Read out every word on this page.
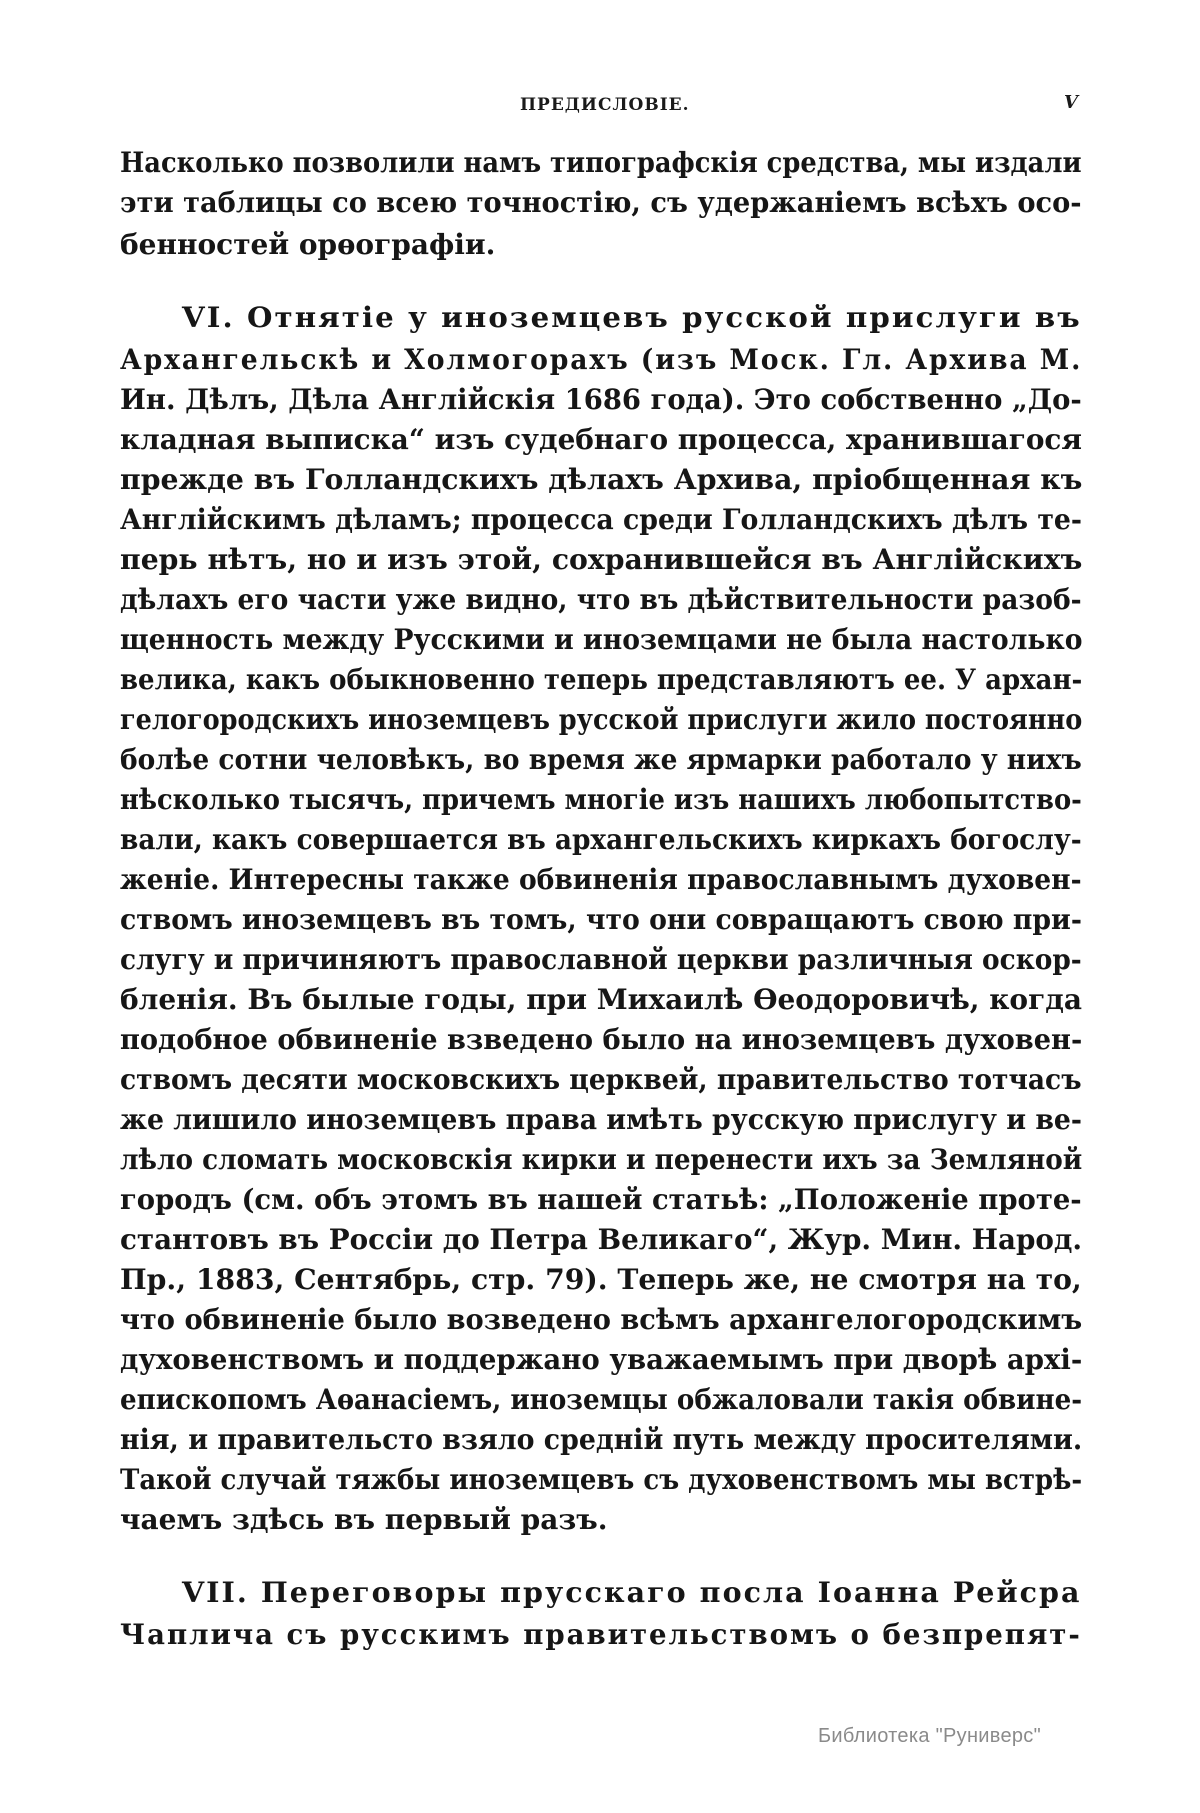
ПРЕДИСЛОВІЕ.	V
Насколько позволили намъ типографскія средства, мы издали
эти таблицы со всею точностію, съ удержаніемъ всѣхъ осо-
бенностей орѳографіи.
VI. Отнятіе у иноземцевъ русской прислуги въ
Архангельскѣ и Холмогорахъ (изъ Моск. Гл. Архива М.
Ин. Дѣлъ, Дѣла Англійскія 1686 года). Это собственно „До-
кладная выписка“ изъ судебнаго процесса, хранившагося
прежде въ Голландскихъ дѣлахъ Архива, пріобщенная къ
Англійскимъ дѣламъ; процесса среди Голландскихъ дѣлъ те-
перь нѣтъ, но и изъ этой, сохранившейся въ Англійскихъ
дѣлахъ его части уже видно, что въ дѣйствительности разоб-
щенность между Русскими и иноземцами не была настолько
велика, какъ обыкновенно теперь представляютъ ее. У архан-
гелогородскихъ иноземцевъ русской прислуги жило постоянно
болѣе сотни человѣкъ, во время же ярмарки работало у нихъ
нѣсколько тысячъ, причемъ многіе изъ нашихъ любопытство-
вали, какъ совершается въ архангельскихъ киркахъ богослу-
женіе. Интересны также обвиненія православнымъ духовен-
ствомъ иноземцевъ въ томъ, что они совращаютъ свою при-
слугу и причиняютъ православной церкви различныя оскор-
бленія. Въ былые годы, при Михаилѣ Ѳеодоровичѣ, когда
подобное обвиненіе взведено было на иноземцевъ духовен-
ствомъ десяти московскихъ церквей, правительство тотчасъ
же лишило иноземцевъ права имѣть русскую прислугу и ве-
лѣло сломать московскія кирки и перенести ихъ за Земляной
городъ (см. объ этомъ въ нашей статьѣ: „Положеніе проте-
стантовъ въ Россіи до Петра Великаго“, Жур. Мин. Народ.
Пр., 1883, Сентябрь, стр. 79). Теперь же, не смотря на то,
что обвиненіе было возведено всѣмъ архангелогородскимъ
духовенствомъ и поддержано уважаемымъ при дворѣ архі-
епископомъ Аѳанасіемъ, иноземцы обжаловали такія обвине-
нія, и правительсто взяло средній путь между просителями.
Такой случай тяжбы иноземцевъ съ духовенствомъ мы встрѣ-
чаемъ здѣсь въ первый разъ.
VII. Переговоры прусскаго посла Іоанна Рейсра
Чаплича съ русскимъ правительствомъ о безпрепят-
Библиотека "Руниверс"
